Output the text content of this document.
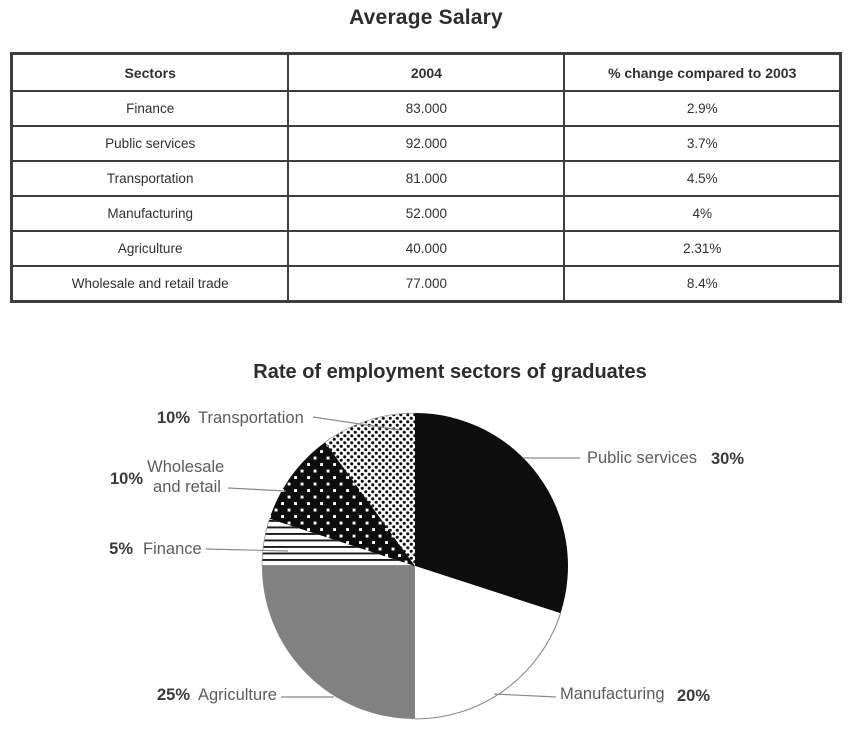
Average Salary
Sectors	2004	% change compared to 2003
Finance	83.000	2.9%
Public services	92.000	3.7%
Transportation	81.000	4.5%
Manufacturing	52.000	4%
Agriculture	40.000	2.31%
Wholesale and retail trade	77.000	8.4%
Rate of employment sectors of graduates
10% Transportation
10%
Wholesale and retail
5% Finance
25% Agriculture
Public services 30%
Manufacturing 20%
